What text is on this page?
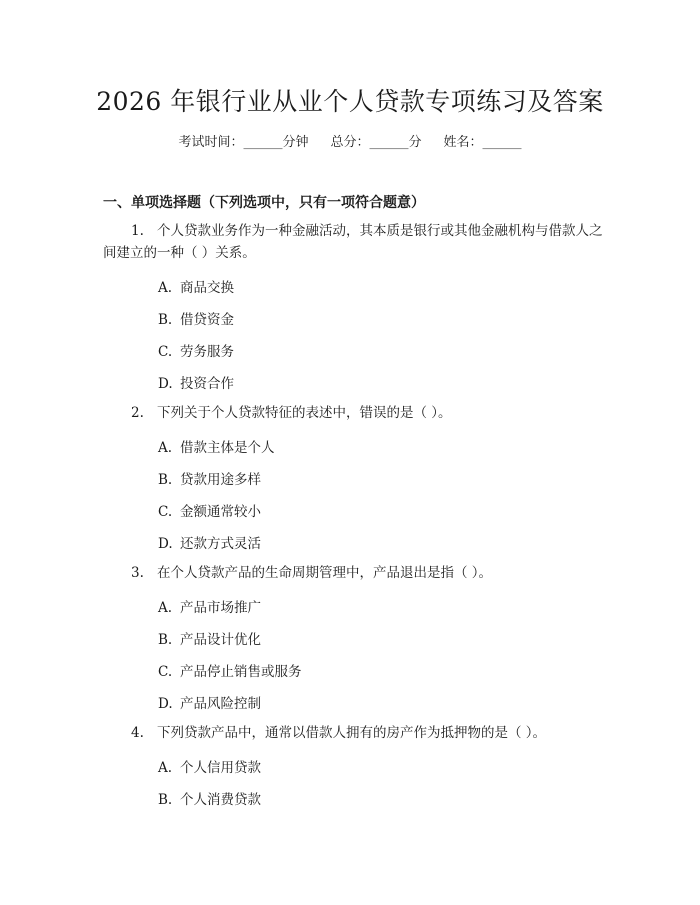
2026 年银行业从业个人贷款专项练习及答案
考试时间：______分钟 总分：______分 姓名：______
一、单项选择题（下列选项中，只有一项符合题意）
1. 个人贷款业务作为一种金融活动，其本质是银行或其他金融机构与借款人之间建立的一种（ ）关系。
A. 商品交换
B. 借贷资金
C. 劳务服务
D. 投资合作
2. 下列关于个人贷款特征的表述中，错误的是（ ）。
A. 借款主体是个人
B. 贷款用途多样
C. 金额通常较小
D. 还款方式灵活
3. 在个人贷款产品的生命周期管理中，产品退出是指（ ）。
A. 产品市场推广
B. 产品设计优化
C. 产品停止销售或服务
D. 产品风险控制
4. 下列贷款产品中，通常以借款人拥有的房产作为抵押物的是（ ）。
A. 个人信用贷款
B. 个人消费贷款
